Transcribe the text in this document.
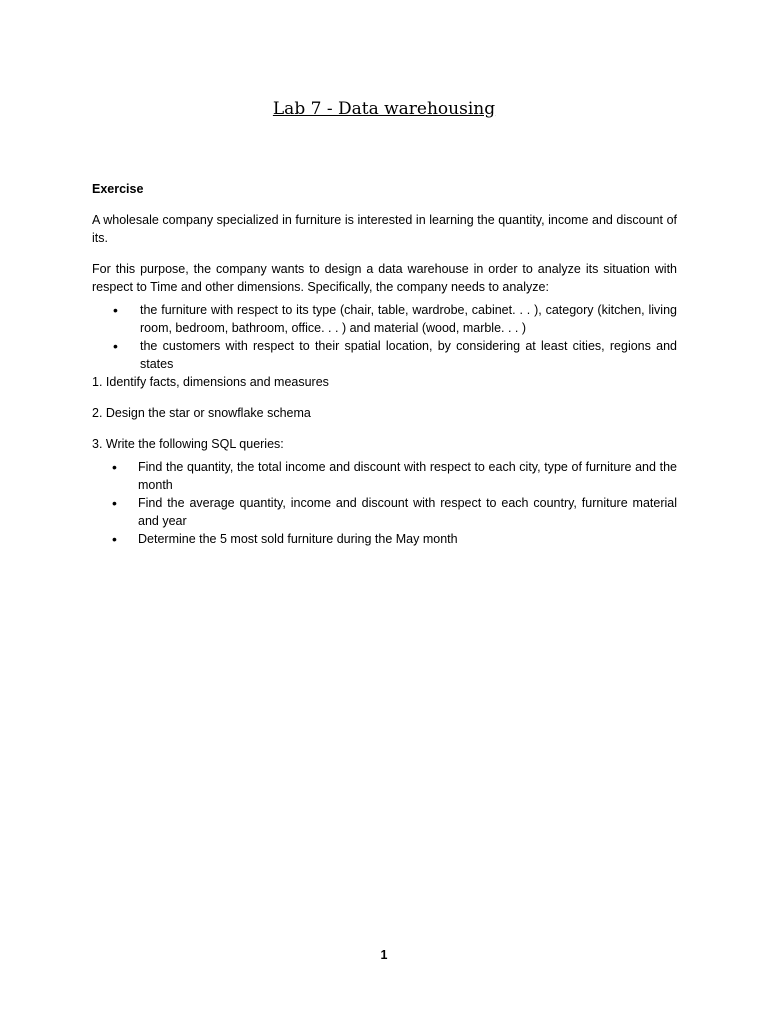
Lab 7 - Data warehousing
Exercise

A wholesale company specialized in furniture is interested in learning the quantity, income and discount of its.

For this purpose, the company wants to design a data warehouse in order to analyze its situation with respect to Time and other dimensions. Specifically, the company needs to analyze:

• the furniture with respect to its type (chair, table, wardrobe, cabinet. . . ), category (kitchen, living room, bedroom, bathroom, office. . . ) and material (wood, marble. . . )
• the customers with respect to their spatial location, by considering at least cities, regions and states
1. Identify facts, dimensions and measures
2. Design the star or snowflake schema
3. Write the following SQL queries:
• Find the quantity, the total income and discount with respect to each city, type of furniture and the month
• Find the average quantity, income and discount with respect to each country, furniture material and year
• Determine the 5 most sold furniture during the May month
1
